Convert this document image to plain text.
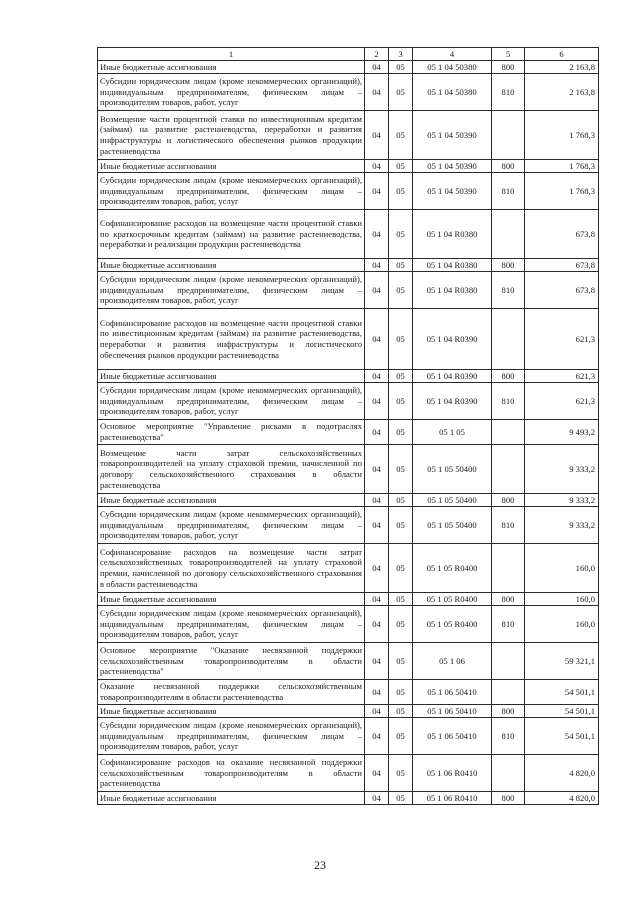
1	2	3	4	5	6
Иные бюджетные ассигнования	04	05	05 1 04 50380	800	2 163,8
Субсидии юридическим лицам (кроме некоммерческих организаций), индивидуальным предпринимателям, физическим лицам – производителям товаров, работ, услуг	04	05	05 1 04 50380	810	2 163,8
Возмещение части процентной ставки по инвестиционным кредитам (займам) на развитие растениеводства, переработки и развития инфраструктуры и логистического обеспечения рынков продукции растениеводства	04	05	05 1 04 50390		1 768,3
Иные бюджетные ассигнования	04	05	05 1 04 50390	800	1 768,3
Субсидии юридическим лицам (кроме некоммерческих организаций), индивидуальным предпринимателям, физическим лицам – производителям товаров, работ, услуг	04	05	05 1 04 50390	810	1 768,3
Софинансирование расходов на возмещение части процентной ставки по краткосрочным кредитам (займам) на развитие растениеводства, переработки и реализации продукции растениеводства	04	05	05 1 04 R0380		673,8
Иные бюджетные ассигнования	04	05	05 1 04 R0380	800	673,8
Субсидии юридическим лицам (кроме некоммерческих организаций), индивидуальным предпринимателям, физическим лицам – производителям товаров, работ, услуг	04	05	05 1 04 R0380	810	673,8
Софинансирование расходов на возмещение части процентной ставки по инвестиционным кредитам (займам) на развитие растениеводства, переработки и развития инфраструктуры и логистического обеспечения рынков продукции растениеводства	04	05	05 1 04 R0390		621,3
Иные бюджетные ассигнования	04	05	05 1 04 R0390	800	621,3
Субсидии юридическим лицам (кроме некоммерческих организаций), индивидуальным предпринимателям, физическим лицам – производителям товаров, работ, услуг	04	05	05 1 04 R0390	810	621,3
Основное мероприятие "Управление рисками в подотраслях растениеводства"	04	05	05 1 05		9 493,2
Возмещение части затрат сельскохозяйственных товаропроизводителей на уплату страховой премии, начисленной по договору сельскохозяйственного страхования в области растениеводства	04	05	05 1 05 50400		9 333,2
Иные бюджетные ассигнования	04	05	05 1 05 50400	800	9 333,2
Субсидии юридическим лицам (кроме некоммерческих организаций), индивидуальным предпринимателям, физическим лицам – производителям товаров, работ, услуг	04	05	05 1 05 50400	810	9 333,2
Софинансирование расходов на возмещение части затрат сельскохозяйственных товаропроизводителей на уплату страховой премии, начисленной по договору сельскохозяйственного страхования в области растениеводства	04	05	05 1 05 R0400		160,0
Иные бюджетные ассигнования	04	05	05 1 05 R0400	800	160,0
Субсидии юридическим лицам (кроме некоммерческих организаций), индивидуальным предпринимателям, физическим лицам – производителям товаров, работ, услуг	04	05	05 1 05 R0400	810	160,0
Основное мероприятие "Оказание несвязанной поддержки сельскохозяйственным товаропроизводителям в области растениеводства"	04	05	05 1 06		59 321,1
Оказание несвязанной поддержки сельскохозяйственным товаропроизводителям в области растениеводства	04	05	05 1 06 50410		54 501,1
Иные бюджетные ассигнования	04	05	05 1 06 50410	800	54 501,1
Субсидии юридическим лицам (кроме некоммерческих организаций), индивидуальным предпринимателям, физическим лицам – производителям товаров, работ, услуг	04	05	05 1 06 50410	810	54 501,1
Софинансирование расходов на оказание несвязанной поддержки сельскохозяйственным товаропроизводителям в области растениеводства	04	05	05 1 06 R0410		4 820,0
Иные бюджетные ассигнования	04	05	05 1 06 R0410	800	4 820,0
23
